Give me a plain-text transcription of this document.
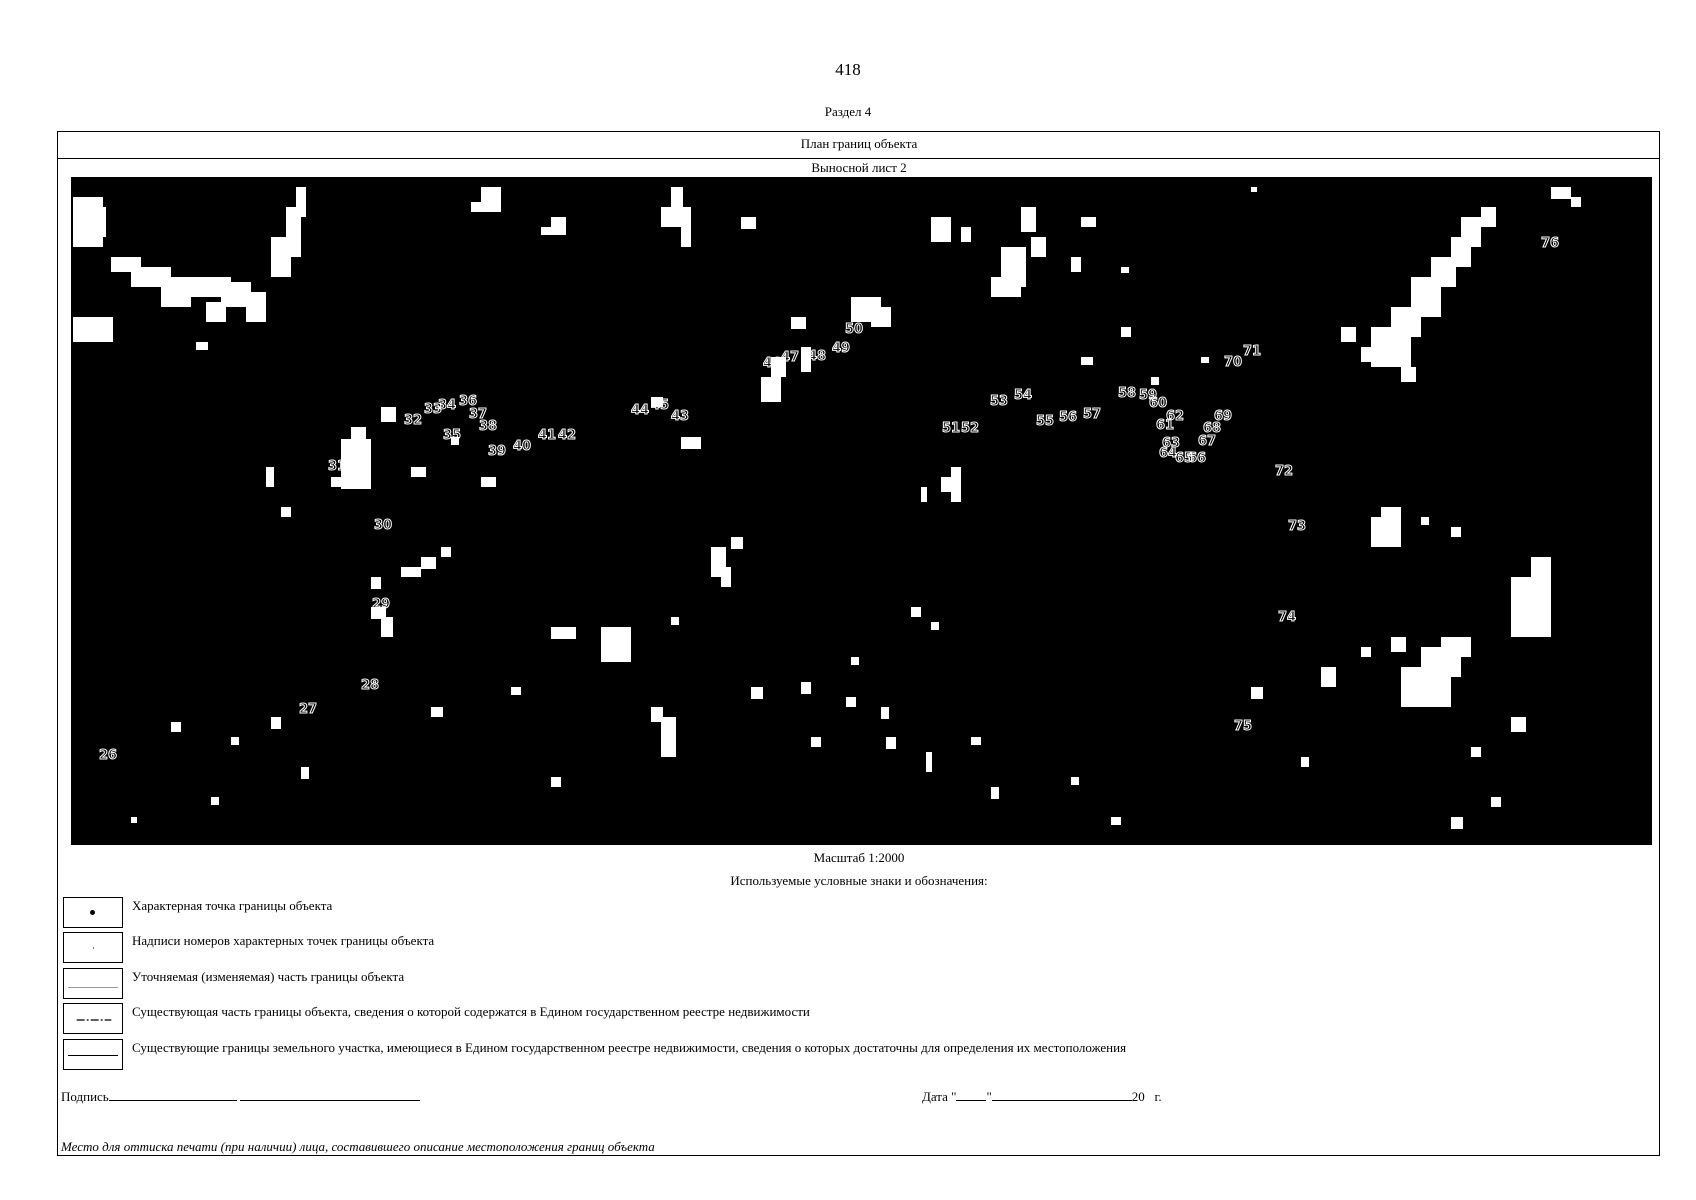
418
Раздел 4
План границ объекта
Выносной лист 2
26
27
28
29
30
31
32
33
34
35
36
37
38
39 40
41 42
43
44 45
46 47 48
49
50
51 52
53 54
55 56 57
58 59
60
61
62
63
64
65
66
67
68
69
70
71
72
73
74
75
76
Масштаб 1:2000
Используемые условные знаки и обозначения:
Характерная точка границы объекта
Надписи номеров характерных точек границы объекта
Уточняемая (изменяемая) часть границы объекта
Существующая часть границы объекта, сведения о которой содержатся в Едином государственном реестре недвижимости
Существующие границы земельного участка, имеющиеся в Едином государственном реестре недвижимости, сведения о которых достаточны для определения их местоположения
Подпись	Дата " "	20 г.
Место для оттиска печати (при наличии) лица, составившего описание местоположения границ объекта
